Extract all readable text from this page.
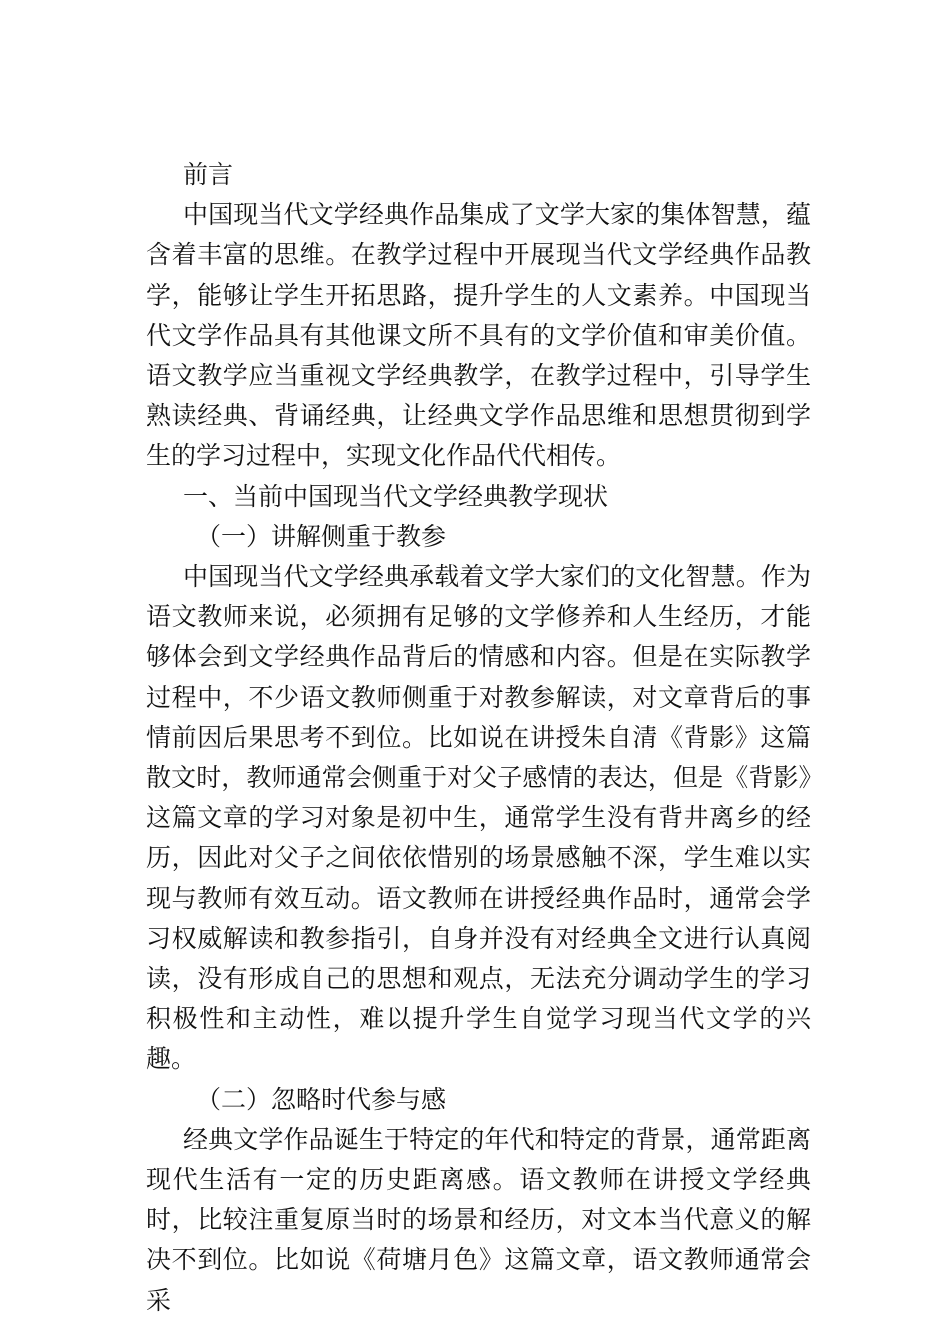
前言

中国现当代文学经典作品集成了文学大家的集体智慧，蕴含着丰富的思维。在教学过程中开展现当代文学经典作品教学，能够让学生开拓思路，提升学生的人文素养。中国现当代文学作品具有其他课文所不具有的文学价值和审美价值。语文教学应当重视文学经典教学，在教学过程中，引导学生熟读经典、背诵经典，让经典文学作品思维和思想贯彻到学生的学习过程中，实现文化作品代代相传。

一、当前中国现当代文学经典教学现状

（一）讲解侧重于教参

中国现当代文学经典承载着文学大家们的文化智慧。作为语文教师来说，必须拥有足够的文学修养和人生经历，才能够体会到文学经典作品背后的情感和内容。但是在实际教学过程中，不少语文教师侧重于对教参解读，对文章背后的事情前因后果思考不到位。比如说在讲授朱自清《背影》这篇散文时，教师通常会侧重于对父子感情的表达，但是《背影》这篇文章的学习对象是初中生，通常学生没有背井离乡的经历，因此对父子之间依依惜别的场景感触不深，学生难以实现与教师有效互动。语文教师在讲授经典作品时，通常会学习权威解读和教参指引，自身并没有对经典全文进行认真阅读，没有形成自己的思想和观点，无法充分调动学生的学习积极性和主动性，难以提升学生自觉学习现当代文学的兴趣。

（二）忽略时代参与感

经典文学作品诞生于特定的年代和特定的背景，通常距离现代生活有一定的历史距离感。语文教师在讲授文学经典时，比较注重复原当时的场景和经历，对文本当代意义的解决不到位。比如说《荷塘月色》这篇文章，语文教师通常会采
